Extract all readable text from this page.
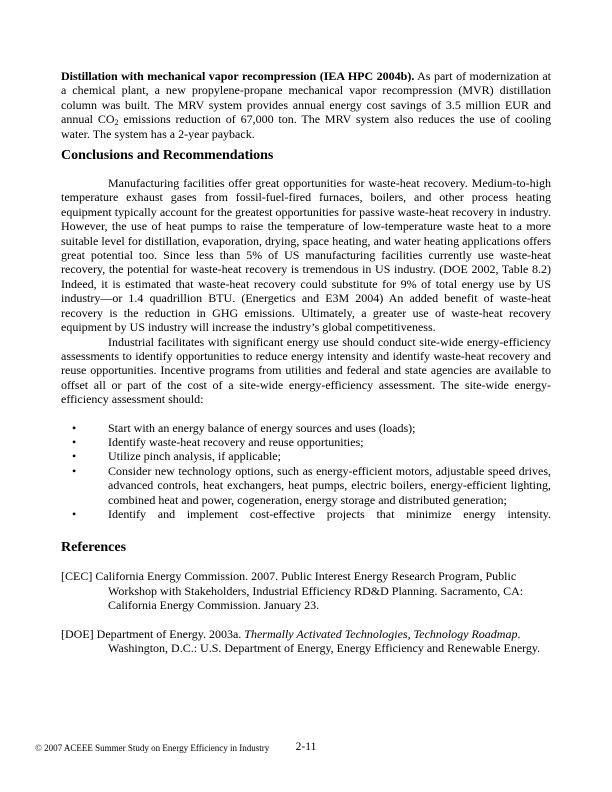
Distillation with mechanical vapor recompression (IEA HPC 2004b). As part of modernization at a chemical plant, a new propylene-propane mechanical vapor recompression (MVR) distillation column was built. The MRV system provides annual energy cost savings of 3.5 million EUR and annual $CO_2$ emissions reduction of 67,000 ton. The MRV system also reduces the use of cooling water. The system has a 2-year payback.

Conclusions and Recommendations

Manufacturing facilities offer great opportunities for waste-heat recovery. Medium-to-high temperature exhaust gases from fossil-fuel-fired furnaces, boilers, and other process heating equipment typically account for the greatest opportunities for passive waste-heat recovery in industry. However, the use of heat pumps to raise the temperature of low-temperature waste heat to a more suitable level for distillation, evaporation, drying, space heating, and water heating applications offers great potential too. Since less than 5% of US manufacturing facilities currently use waste-heat recovery, the potential for waste-heat recovery is tremendous in US industry. (DOE 2002, Table 8.2) Indeed, it is estimated that waste-heat recovery could substitute for 9% of total energy use by US industry—or 1.4 quadrillion BTU. (Energetics and E3M 2004) An added benefit of waste-heat recovery is the reduction in GHG emissions. Ultimately, a greater use of waste-heat recovery equipment by US industry will increase the industry’s global competitiveness.

Industrial facilitates with significant energy use should conduct site-wide energy-efficiency assessments to identify opportunities to reduce energy intensity and identify waste-heat recovery and reuse opportunities. Incentive programs from utilities and federal and state agencies are available to offset all or part of the cost of a site-wide energy-efficiency assessment. The site-wide energy-efficiency assessment should:

•	Start with an energy balance of energy sources and uses (loads);
•	Identify waste-heat recovery and reuse opportunities;
•	Utilize pinch analysis, if applicable;
•	Consider new technology options, such as energy-efficient motors, adjustable speed drives, advanced controls, heat exchangers, heat pumps, electric boilers, energy-efficient lighting, combined heat and power, cogeneration, energy storage and distributed generation;
•	Identify and implement cost-effective projects that minimize energy intensity.
References

[CEC] California Energy Commission. 2007. Public Interest Energy Research Program, Public Workshop with Stakeholders, Industrial Efficiency RD&D Planning. Sacramento, CA: California Energy Commission. January 23.

[DOE] Department of Energy. 2003a. Thermally Activated Technologies, Technology Roadmap. Washington, D.C.: U.S. Department of Energy, Energy Efficiency and Renewable Energy.

2-11
© 2007 ACEEE Summer Study on Energy Efficiency in Industry
